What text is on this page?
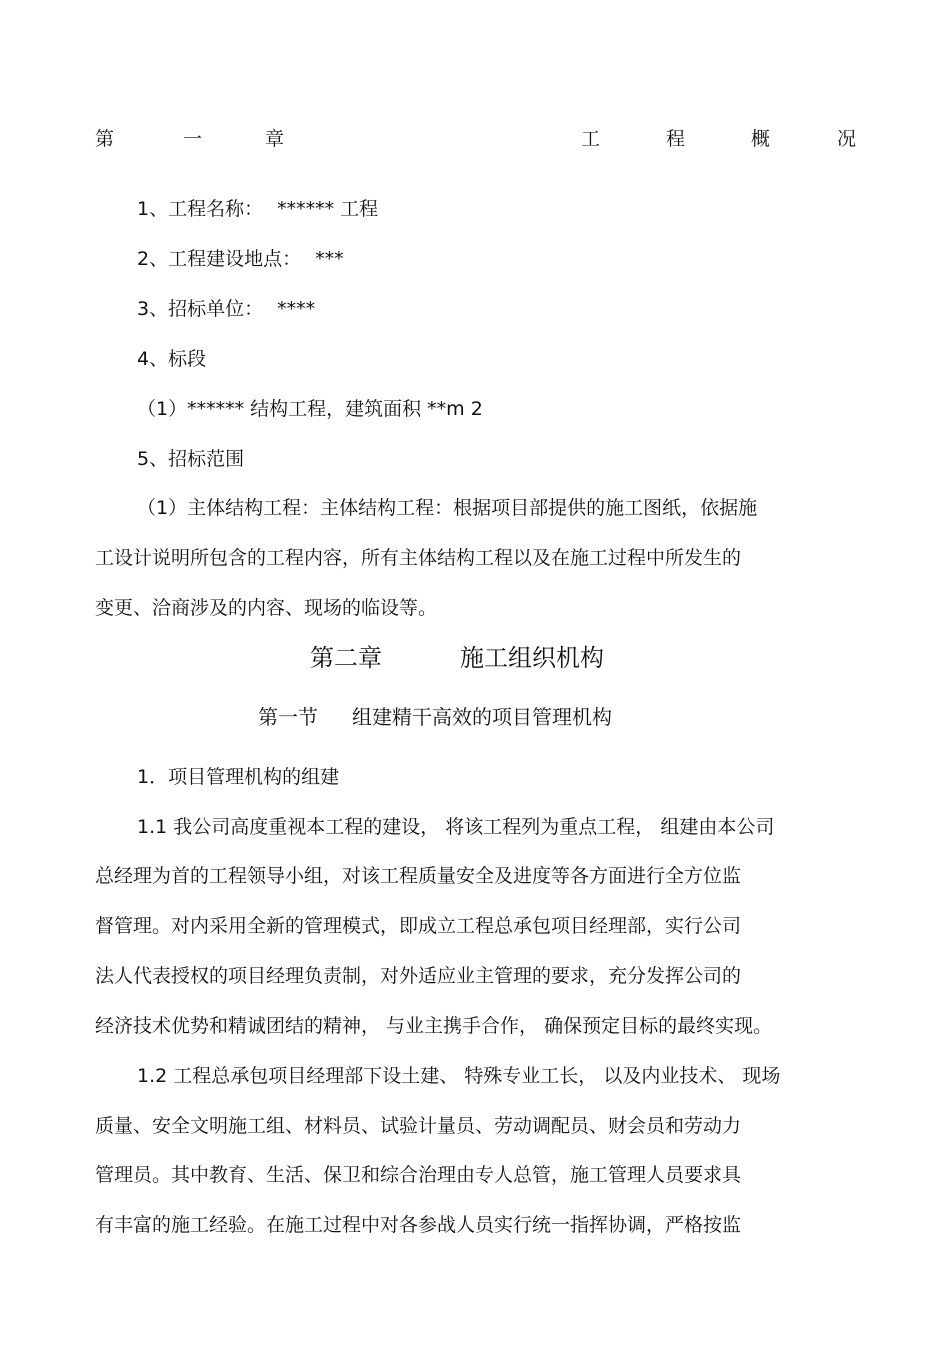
第	一	章	工	程	概	况
1、工程名称： ****** 工程
2、工程建设地点： ***
3、招标单位： ****
4、标段
（1）****** 结构工程，建筑面积 **m 2
5、招标范围
（1）主体结构工程：主体结构工程：根据项目部提供的施工图纸，依据施
工设计说明所包含的工程内容，所有主体结构工程以及在施工过程中所发生的
变更、洽商涉及的内容、现场的临设等。
第二章	施工组织机构
第一节 组建精干高效的项目管理机构
1．项目管理机构的组建
1.1 我公司高度重视本工程的建设， 将该工程列为重点工程， 组建由本公司
总经理为首的工程领导小组，对该工程质量安全及进度等各方面进行全方位监
督管理。对内采用全新的管理模式，即成立工程总承包项目经理部，实行公司
法人代表授权的项目经理负责制，对外适应业主管理的要求，充分发挥公司的
经济技术优势和精诚团结的精神， 与业主携手合作， 确保预定目标的最终实现。
1.2 工程总承包项目经理部下设土建、 特殊专业工长， 以及内业技术、 现场
质量、安全文明施工组、材料员、试验计量员、劳动调配员、财会员和劳动力
管理员。其中教育、生活、保卫和综合治理由专人总管，施工管理人员要求具
有丰富的施工经验。在施工过程中对各参战人员实行统一指挥协调，严格按监
